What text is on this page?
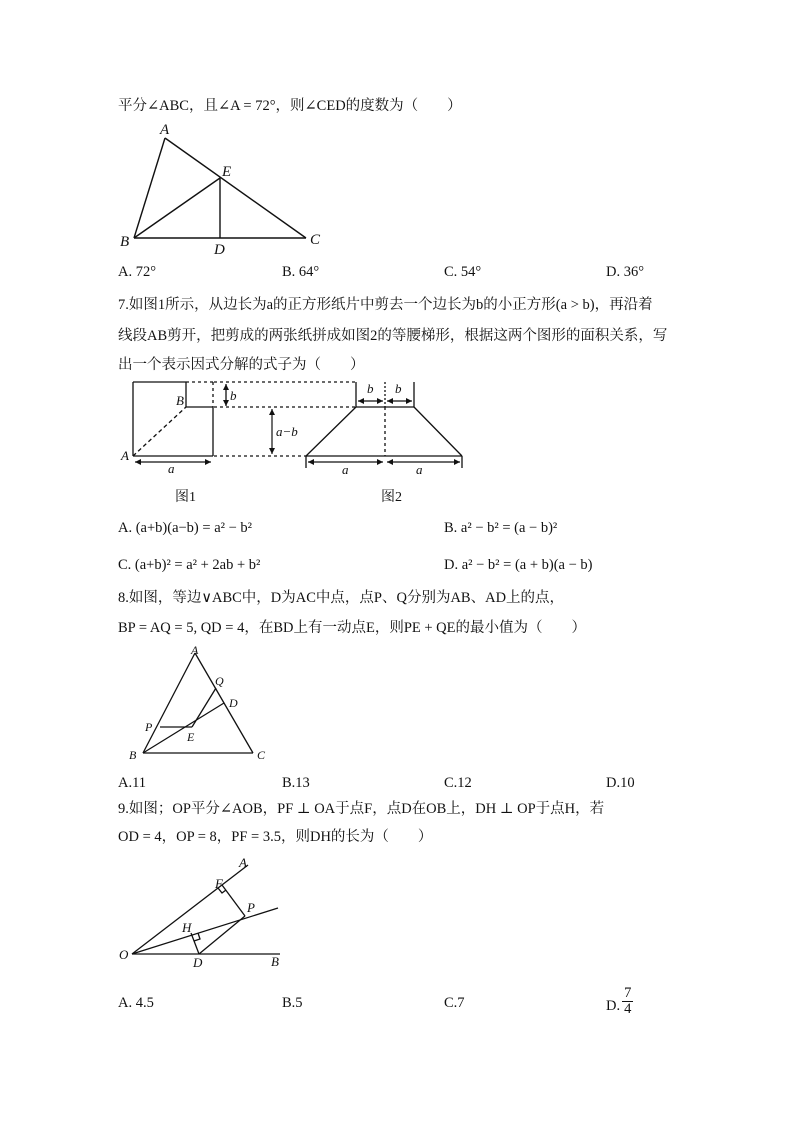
平分∠ABC，且∠A = 72°，则∠CED的度数为（　　）
A
E
B	D
C
A. 72°	B. 64°	C. 54°	D. 36°
7.如图1所示，从边长为a的正方形纸片中剪去一个边长为b的小正方形(a > b)，再沿着
线段AB剪开，把剪成的两张纸拼成如图2的等腰梯形，根据这两个图形的面积关系，写
出一个表示因式分解的式子为（　　）
B
A
b
a
a−b
b b
a	a
图1	图2
A. (a+b)(a−b) = a² − b²	B. a² − b² = (a − b)²
C. (a+b)² = a² + 2ab + b²	D. a² − b² = (a + b)(a − b)
8.如图，等边∨ABC中，D为AC中点，点P、Q分别为AB、AD上的点，
BP = AQ = 5, QD = 4，在BD上有一动点E，则PE + QE的最小值为（　　）
A
Q
D
P
E
B	C
A.11	B.13	C.12	D.10
9.如图；OP平分∠AOB，PF ⊥ OA于点F，点D在OB上，DH ⊥ OP于点H，若
OD = 4，OP = 8，PF = 3.5，则DH的长为（　　）
A
F
P
H
O
D	B
A. 4.5	B.5	C.7	D. $\frac{7}{4}$
